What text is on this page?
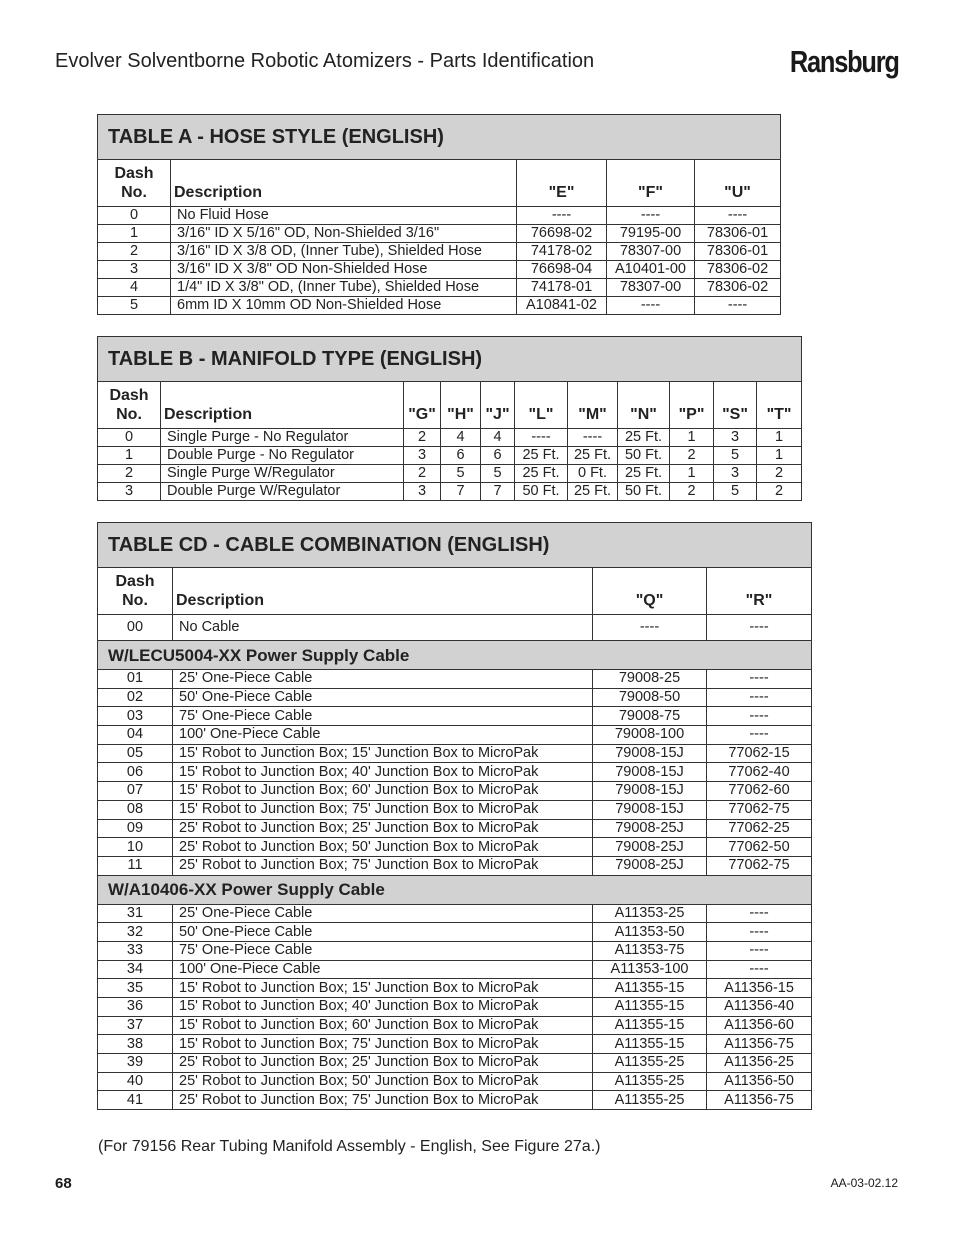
Evolver Solventborne Robotic Atomizers - Parts Identification	Ransburg
TABLE A - HOSE STYLE (ENGLISH)				
Dash
No.	Description	"E"	"F"	"U"
0	No Fluid Hose	----	----	----
1	3/16" ID X 5/16" OD, Non-Shielded 3/16"	76698-02	79195-00	78306-01
2	3/16" ID X 3/8 OD, (Inner Tube), Shielded Hose	74178-02	78307-00	78306-01
3	3/16" ID X 3/8" OD Non-Shielded Hose	76698-04	A10401-00	78306-02
4	1/4" ID X 3/8" OD, (Inner Tube), Shielded Hose	74178-01	78307-00	78306-02
5	6mm ID X 10mm OD Non-Shielded Hose	A10841-02	----	----
TABLE B - MANIFOLD TYPE (ENGLISH)										
Dash
No.	Description	"G"	"H"	"J"	"L"	"M"	"N"	"P"	"S"	"T"
0	Single Purge - No Regulator	2	4	4	----	----	25 Ft.	1	3	1
1	Double Purge - No Regulator	3	6	6	25 Ft.	25 Ft.	50 Ft.	2	5	1
2	Single Purge W/Regulator	2	5	5	25 Ft.	0 Ft.	25 Ft.	1	3	2
3	Double Purge W/Regulator	3	7	7	50 Ft.	25 Ft.	50 Ft.	2	5	2
TABLE CD - CABLE COMBINATION (ENGLISH)			
Dash
No.	Description	"Q"	"R"
00	No Cable	----	----
W/LECU5004-XX Power Supply Cable			
01	25' One-Piece Cable	79008-25	----
02	50' One-Piece Cable	79008-50	----
03	75' One-Piece Cable	79008-75	----
04	100' One-Piece Cable	79008-100	----
05	15' Robot to Junction Box; 15' Junction Box to MicroPak	79008-15J	77062-15
06	15' Robot to Junction Box; 40' Junction Box to MicroPak	79008-15J	77062-40
07	15' Robot to Junction Box; 60' Junction Box to MicroPak	79008-15J	77062-60
08	15' Robot to Junction Box; 75' Junction Box to MicroPak	79008-15J	77062-75
09	25' Robot to Junction Box; 25' Junction Box to MicroPak	79008-25J	77062-25
10	25' Robot to Junction Box; 50' Junction Box to MicroPak	79008-25J	77062-50
11	25' Robot to Junction Box; 75' Junction Box to MicroPak	79008-25J	77062-75
W/A10406-XX Power Supply Cable			
31	25' One-Piece Cable	A11353-25	----
32	50' One-Piece Cable	A11353-50	----
33	75' One-Piece Cable	A11353-75	----
34	100' One-Piece Cable	A11353-100	----
35	15' Robot to Junction Box; 15' Junction Box to MicroPak	A11355-15	A11356-15
36	15' Robot to Junction Box; 40' Junction Box to MicroPak	A11355-15	A11356-40
37	15' Robot to Junction Box; 60' Junction Box to MicroPak	A11355-15	A11356-60
38	15' Robot to Junction Box; 75' Junction Box to MicroPak	A11355-15	A11356-75
39	25' Robot to Junction Box; 25' Junction Box to MicroPak	A11355-25	A11356-25
40	25' Robot to Junction Box; 50' Junction Box to MicroPak	A11355-25	A11356-50
41	25' Robot to Junction Box; 75' Junction Box to MicroPak	A11355-25	A11356-75
(For 79156 Rear Tubing Manifold Assembly - English, See Figure 27a.)
68	AA-03-02.12
